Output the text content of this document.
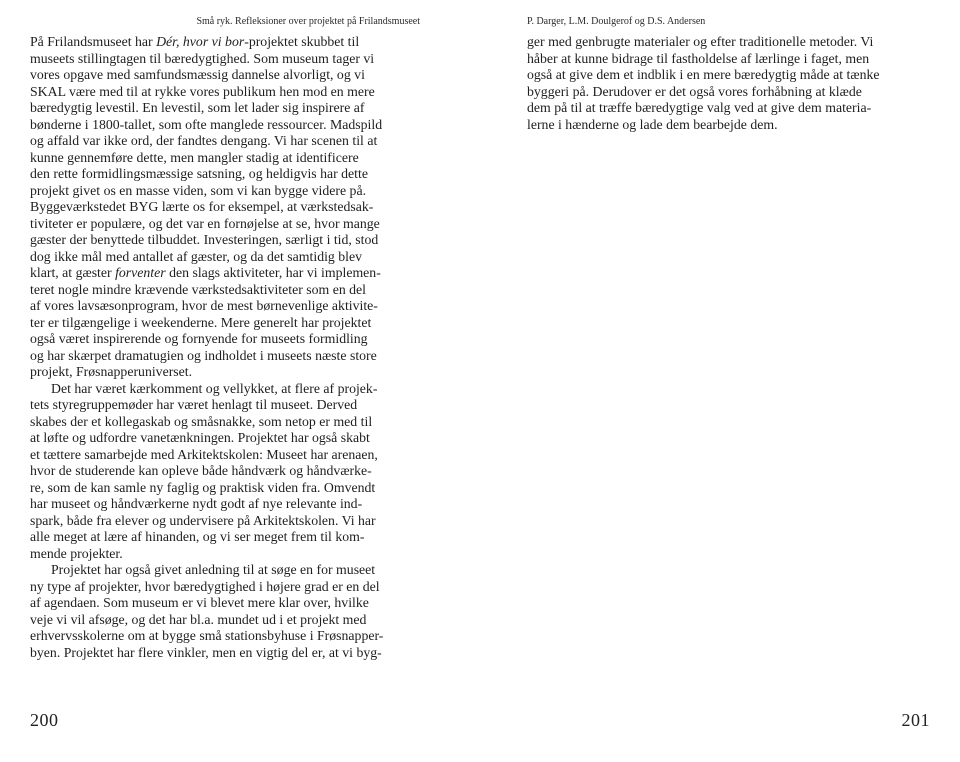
Små ryk. Refleksioner over projektet på Frilandsmuseet	P. Darger, L.M. Doulgerof og D.S. Andersen
På Frilandsmuseet har Dér, hvor vi bor-projektet skubbet til
museets stillingtagen til bæredygtighed. Som museum tager vi
vores opgave med samfundsmæssig dannelse alvorligt, og vi
SKAL være med til at rykke vores publikum hen mod en mere
bæredygtig levestil. En levestil, som let lader sig inspirere af
bønderne i 1800-tallet, som ofte manglede ressourcer. Madspild
og affald var ikke ord, der fandtes dengang. Vi har scenen til at
kunne gennemføre dette, men mangler stadig at identificere
den rette formidlingsmæssige satsning, og heldigvis har dette
projekt givet os en masse viden, som vi kan bygge videre på.
Byggeværkstedet BYG lærte os for eksempel, at værkstedsak-
tiviteter er populære, og det var en fornøjelse at se, hvor mange
gæster der benyttede tilbuddet. Investeringen, særligt i tid, stod
dog ikke mål med antallet af gæster, og da det samtidig blev
klart, at gæster forventer den slags aktiviteter, har vi implemen-
teret nogle mindre krævende værkstedsaktiviteter som en del
af vores lavsæsonprogram, hvor de mest børnevenlige aktivite-
ter er tilgængelige i weekenderne. Mere generelt har projektet
også været inspirerende og fornyende for museets formidling
og har skærpet dramatugien og indholdet i museets næste store
projekt, Frøsnapperuniverset.
Det har været kærkomment og vellykket, at flere af projek-
tets styregruppemøder har været henlagt til museet. Derved
skabes der et kollegaskab og småsnakke, som netop er med til
at løfte og udfordre vanetænkningen. Projektet har også skabt
et tættere samarbejde med Arkitektskolen: Museet har arenaen,
hvor de studerende kan opleve både håndværk og håndværke-
re, som de kan samle ny faglig og praktisk viden fra. Omvendt
har museet og håndværkerne nydt godt af nye relevante ind-
spark, både fra elever og undervisere på Arkitektskolen. Vi har
alle meget at lære af hinanden, og vi ser meget frem til kom-
mende projekter.
Projektet har også givet anledning til at søge en for museet
ny type af projekter, hvor bæredygtighed i højere grad er en del
af agendaen. Som museum er vi blevet mere klar over, hvilke
veje vi vil afsøge, og det har bl.a. mundet ud i et projekt med
erhvervsskolerne om at bygge små stationsbyhuse i Frøsnapper-
byen. Projektet har flere vinkler, men en vigtig del er, at vi byg-
ger med genbrugte materialer og efter traditionelle metoder. Vi
håber at kunne bidrage til fastholdelse af lærlinge i faget, men
også at give dem et indblik i en mere bæredygtig måde at tænke
byggeri på. Derudover er det også vores forhåbning at klæde
dem på til at træffe bæredygtige valg ved at give dem materia-
lerne i hænderne og lade dem bearbejde dem.
200	201
